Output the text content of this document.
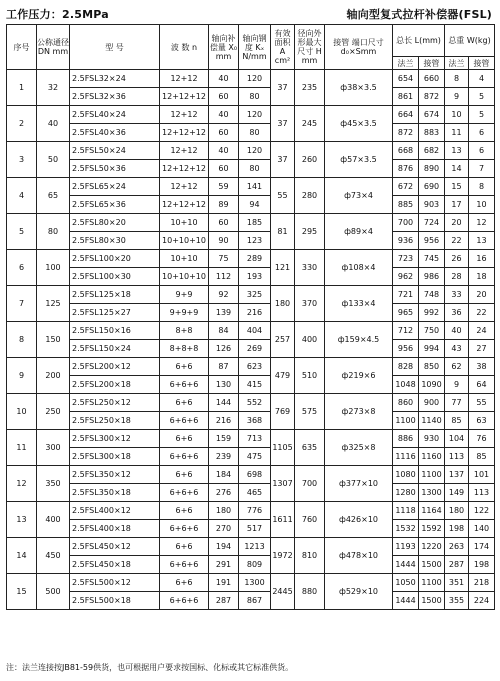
工作压力：2.5MPa	轴向型复式拉杆补偿器(FSL)
序号	公称通径 DN mm	型 号	波 数 n	轴向补偿量 X₀ mm	轴向钢度 Kₓ N/mm	有效面积 A cm²	径向外形最大尺寸 H mm	接管 端口尺寸 d₀×Smm	总长 L(mm)		总重 W(kg)	
									法兰	接管	法兰	接管
1	32	2.5FSL32×24	12+12	40	120	37	235	ф38×3.5	654	660	8	4
		2.5FSL32×36	12+12+12	60	80				861	872	9	5
2	40	2.5FSL40×24	12+12	40	120	37	245	ф45×3.5	664	674	10	5
		2.5FSL40×36	12+12+12	60	80				872	883	11	6
3	50	2.5FSL50×24	12+12	40	120	37	260	ф57×3.5	668	682	13	6
		2.5FSL50×36	12+12+12	60	80				876	890	14	7
4	65	2.5FSL65×24	12+12	59	141	55	280	ф73×4	672	690	15	8
		2.5FSL65×36	12+12+12	89	94				885	903	17	10
5	80	2.5FSL80×20	10+10	60	185	81	295	ф89×4	700	724	20	12
		2.5FSL80×30	10+10+10	90	123				936	956	22	13
6	100	2.5FSL100×20	10+10	75	289	121	330	ф108×4	723	745	26	16
		2.5FSL100×30	10+10+10	112	193				962	986	28	18
7	125	2.5FSL125×18	9+9	92	325	180	370	ф133×4	721	748	33	20
		2.5FSL125×27	9+9+9	139	216				965	992	36	22
8	150	2.5FSL150×16	8+8	84	404	257	400	ф159×4.5	712	750	40	24
		2.5FSL150×24	8+8+8	126	269				956	994	43	27
9	200	2.5FSL200×12	6+6	87	623	479	510	ф219×6	828	850	62	38
		2.5FSL200×18	6+6+6	130	415				1048	1090	9	64
10	250	2.5FSL250×12	6+6	144	552	769	575	ф273×8	860	900	77	55
		2.5FSL250×18	6+6+6	216	368				1100	1140	85	63
11	300	2.5FSL300×12	6+6	159	713	1105	635	ф325×8	886	930	104	76
		2.5FSL300×18	6+6+6	239	475				1116	1160	113	85
12	350	2.5FSL350×12	6+6	184	698	1307	700	ф377×10	1080	1100	137	101
		2.5FSL350×18	6+6+6	276	465				1280	1300	149	113
13	400	2.5FSL400×12	6+6	180	776	1611	760	ф426×10	1118	1164	180	122
		2.5FSL400×18	6+6+6	270	517				1532	1592	198	140
14	450	2.5FSL450×12	6+6	194	1213	1972	810	ф478×10	1193	1220	263	174
		2.5FSL450×18	6+6+6	291	809				1444	1500	287	198
15	500	2.5FSL500×12	6+6	191	1300	2445	880	ф529×10	1050	1100	351	218
		2.5FSL500×18	6+6+6	287	867				1444	1500	355	224
注：法兰连接按JB81-59供货，也可根据用户要求按国标、化标或其它标准供货。
